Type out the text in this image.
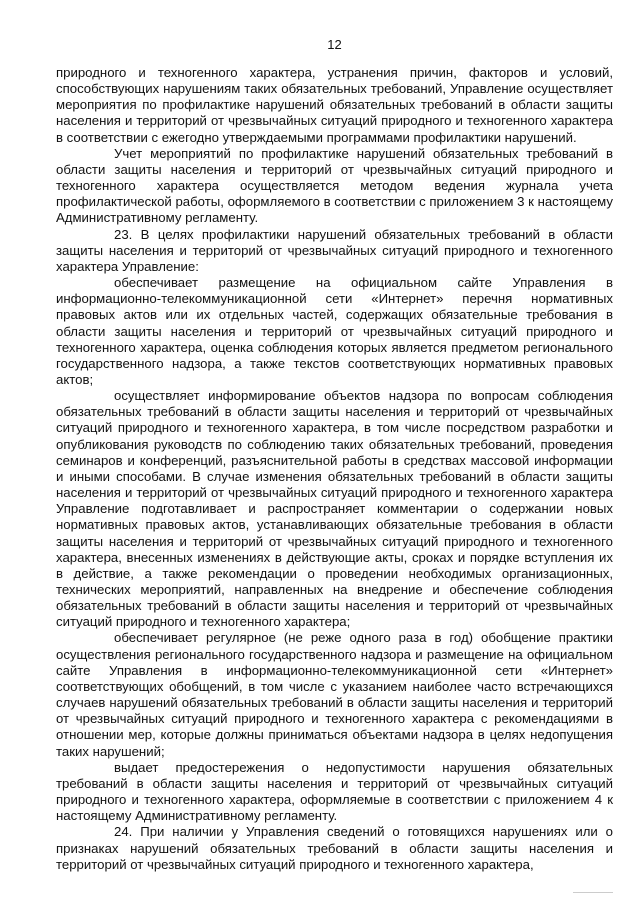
12

природного и техногенного характера, устранения причин, факторов и условий, способствующих нарушениям таких обязательных требований, Управление осуществляет мероприятия по профилактике нарушений обязательных требований в области защиты населения и территорий от чрезвычайных ситуаций природного и техногенного характера в соответствии с ежегодно утверждаемыми программами профилактики нарушений.

Учет мероприятий по профилактике нарушений обязательных требований в области защиты населения и территорий от чрезвычайных ситуаций природного и техногенного характера осуществляется методом ведения журнала учета профилактической работы, оформляемого в соответствии с приложением 3 к настоящему Административному регламенту.

23. В целях профилактики нарушений обязательных требований в области защиты населения и территорий от чрезвычайных ситуаций природного и техногенного характера Управление:

обеспечивает размещение на официальном сайте Управления в информационно-телекоммуникационной сети «Интернет» перечня нормативных правовых актов или их отдельных частей, содержащих обязательные требования в области защиты населения и территорий от чрезвычайных ситуаций природного и техногенного характера, оценка соблюдения которых является предметом регионального государственного надзора, а также текстов соответствующих нормативных правовых актов;

осуществляет информирование объектов надзора по вопросам соблюдения обязательных требований в области защиты населения и территорий от чрезвычайных ситуаций природного и техногенного характера, в том числе посредством разработки и опубликования руководств по соблюдению таких обязательных требований, проведения семинаров и конференций, разъяснительной работы в средствах массовой информации и иными способами. В случае изменения обязательных требований в области защиты населения и территорий от чрезвычайных ситуаций природного и техногенного характера Управление подготавливает и распространяет комментарии о содержании новых нормативных правовых актов, устанавливающих обязательные требования в области защиты населения и территорий от чрезвычайных ситуаций природного и техногенного характера, внесенных изменениях в действующие акты, сроках и порядке вступления их в действие, а также рекомендации о проведении необходимых организационных, технических мероприятий, направленных на внедрение и обеспечение соблюдения обязательных требований в области защиты населения и территорий от чрезвычайных ситуаций природного и техногенного характера;

обеспечивает регулярное (не реже одного раза в год) обобщение практики осуществления регионального государственного надзора и размещение на официальном сайте Управления в информационно-телекоммуникационной сети «Интернет» соответствующих обобщений, в том числе с указанием наиболее часто встречающихся случаев нарушений обязательных требований в области защиты населения и территорий от чрезвычайных ситуаций природного и техногенного характера с рекомендациями в отношении мер, которые должны приниматься объектами надзора в целях недопущения таких нарушений;

выдает предостережения о недопустимости нарушения обязательных требований в области защиты населения и территорий от чрезвычайных ситуаций природного и техногенного характера, оформляемые в соответствии с приложением 4 к настоящему Административному регламенту.

24. При наличии у Управления сведений о готовящихся нарушениях или о признаках нарушений обязательных требований в области защиты населения и территорий от чрезвычайных ситуаций природного и техногенного характера,
